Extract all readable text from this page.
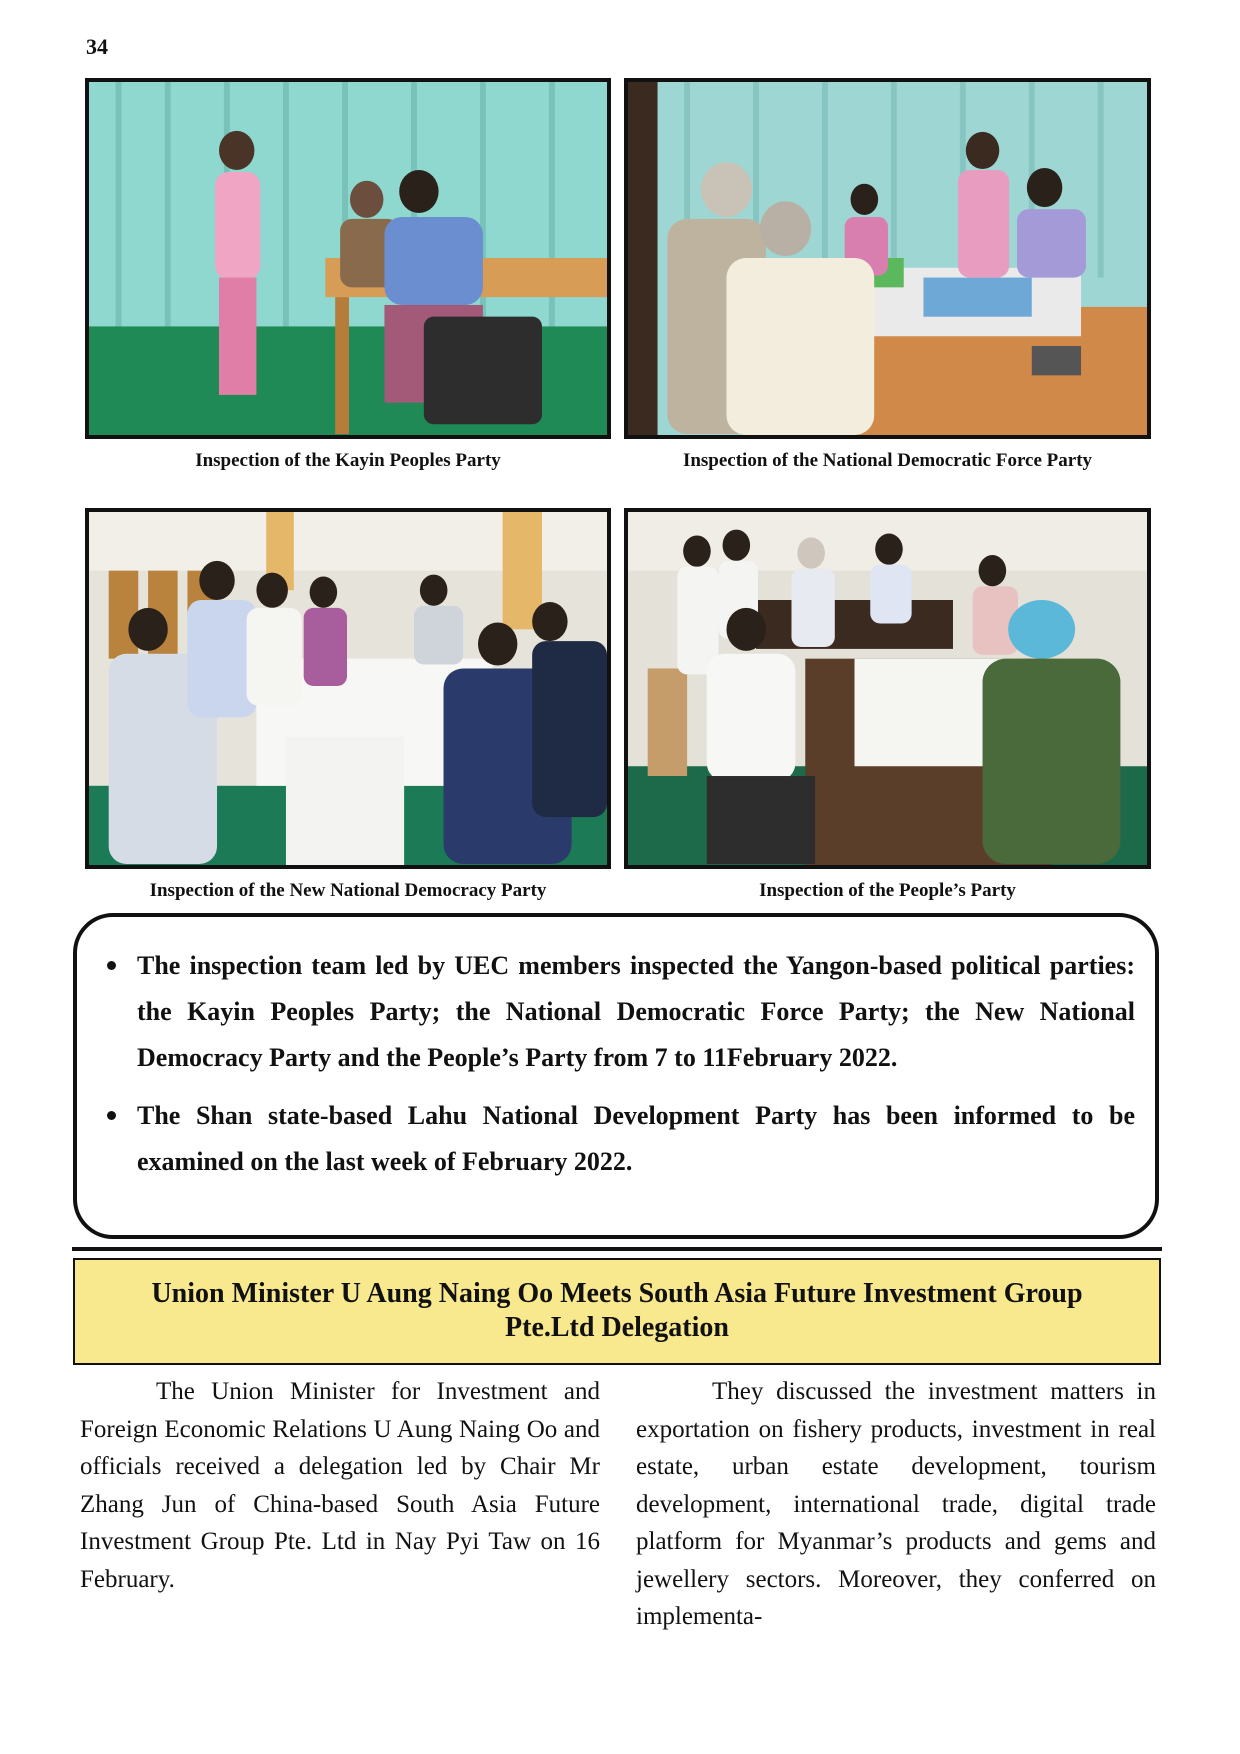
34
Inspection of the Kayin Peoples Party	Inspection of the National Democratic Force Party
Inspection of the New National Democracy Party	Inspection of the People’s Party
The inspection team led by UEC members inspected the Yangon-based political parties: the Kayin Peoples Party; the National Democratic Force Party; the New National Democracy Party and the People’s Party from 7 to 11February 2022.
The Shan state-based Lahu National Development Party has been informed to be examined on the last week of February 2022.
Union Minister U Aung Naing Oo Meets South Asia Future Investment Group
Pte.Ltd Delegation

The Union Minister for Investment and Foreign Economic Relations U Aung Naing Oo and officials received a delegation led by Chair Mr Zhang Jun of China-based South Asia Future Investment Group Pte. Ltd in Nay Pyi Taw on 16 February.

They discussed the investment matters in exportation on fishery products, investment in real estate, urban estate development, tourism development, international trade, digital trade platform for Myanmar’s products and gems and jewellery sectors. Moreover, they conferred on implementa-
